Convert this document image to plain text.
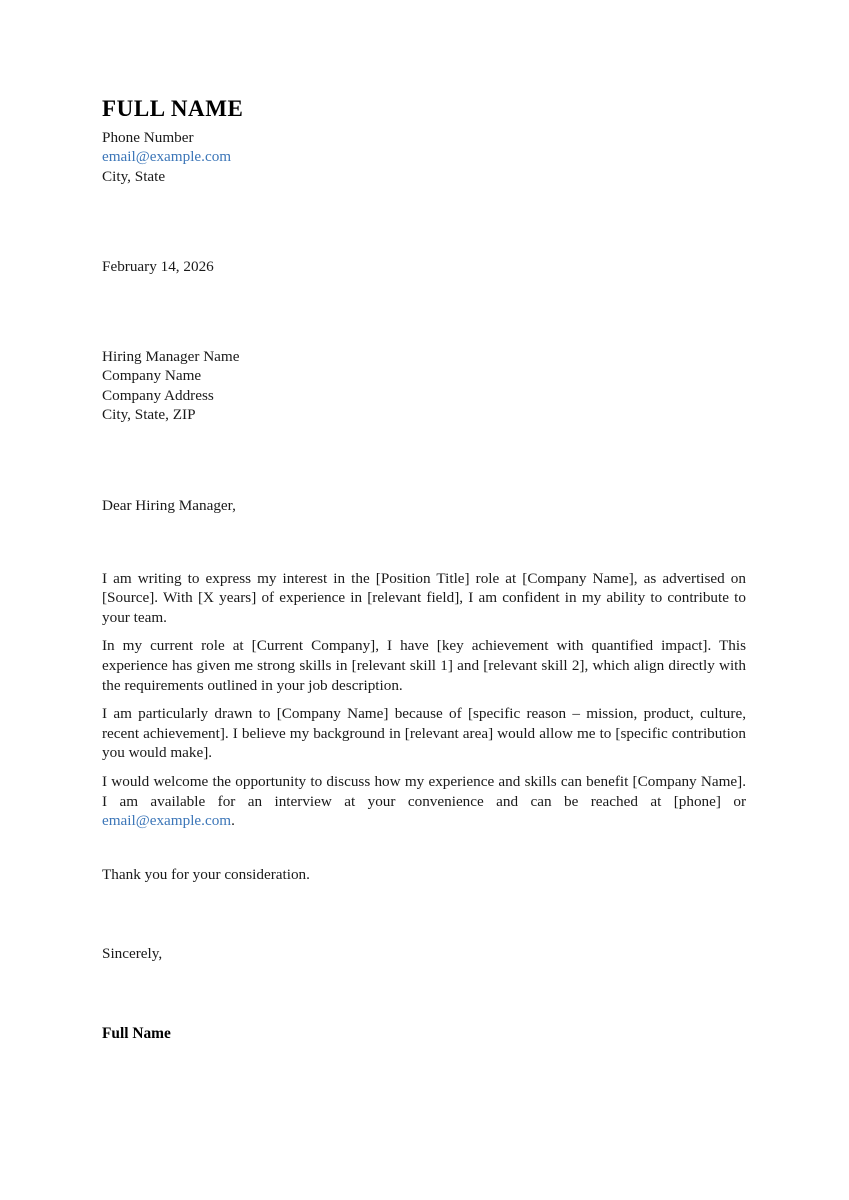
FULL NAME
Phone Number
email@example.com
City, State
February 14, 2026
Hiring Manager Name
Company Name
Company Address
City, State, ZIP
Dear Hiring Manager,

I am writing to express my interest in the [Position Title] role at [Company Name], as advertised on [Source]. With [X years] of experience in [relevant field], I am confident in my ability to contribute to your team.

In my current role at [Current Company], I have [key achievement with quantified impact]. This experience has given me strong skills in [relevant skill 1] and [relevant skill 2], which align directly with the requirements outlined in your job description.

I am particularly drawn to [Company Name] because of [specific reason – mission, product, culture, recent achievement]. I believe my background in [relevant area] would allow me to [specific contribution you would make].

I would welcome the opportunity to discuss how my experience and skills can benefit [Company Name]. I am available for an interview at your convenience and can be reached at [phone] or email@example.com.

Thank you for your consideration.
Sincerely,
Full Name
